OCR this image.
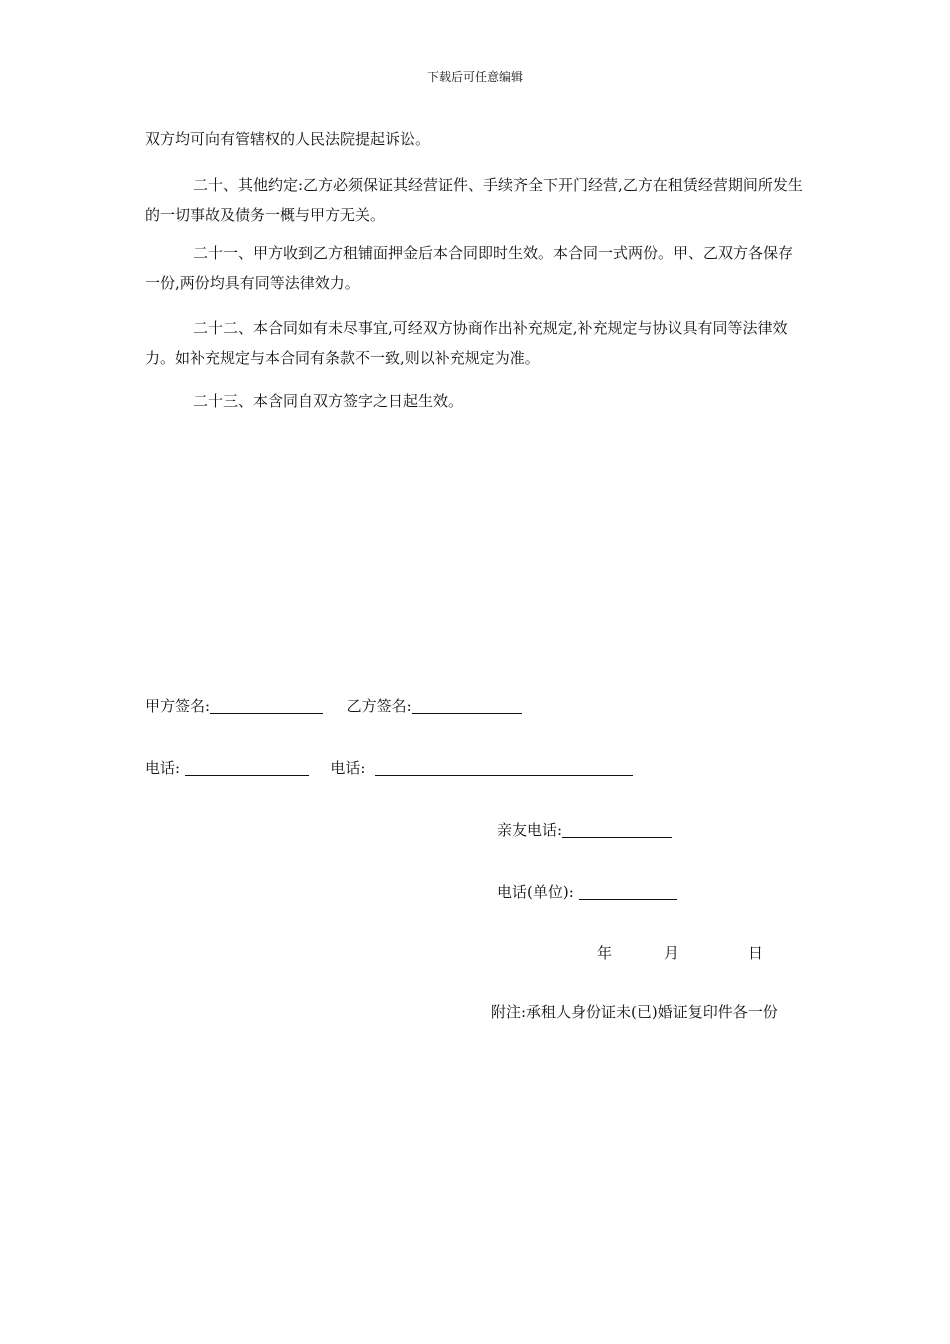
下载后可任意编辑

双方均可向有管辖权的人民法院提起诉讼。

二十、其他约定:乙方必须保证其经营证件、手续齐全下开门经营,乙方在租赁经营期间所发生的一切事故及债务一概与甲方无关。

二十一、甲方收到乙方租铺面押金后本合同即时生效。本合同一式两份。甲、乙双方各保存一份,两份均具有同等法律效力。

二十二、本合同如有未尽事宜,可经双方协商作出补充规定,补充规定与协议具有同等法律效力。如补充规定与本合同有条款不一致,则以补充规定为准。

二十三、本含同自双方签字之日起生效。

甲方签名:	乙方签名:
电话:	电话:
亲友电话:
电话(单位):
年	月	日
附注:承租人身份证未(已)婚证复印件各一份
